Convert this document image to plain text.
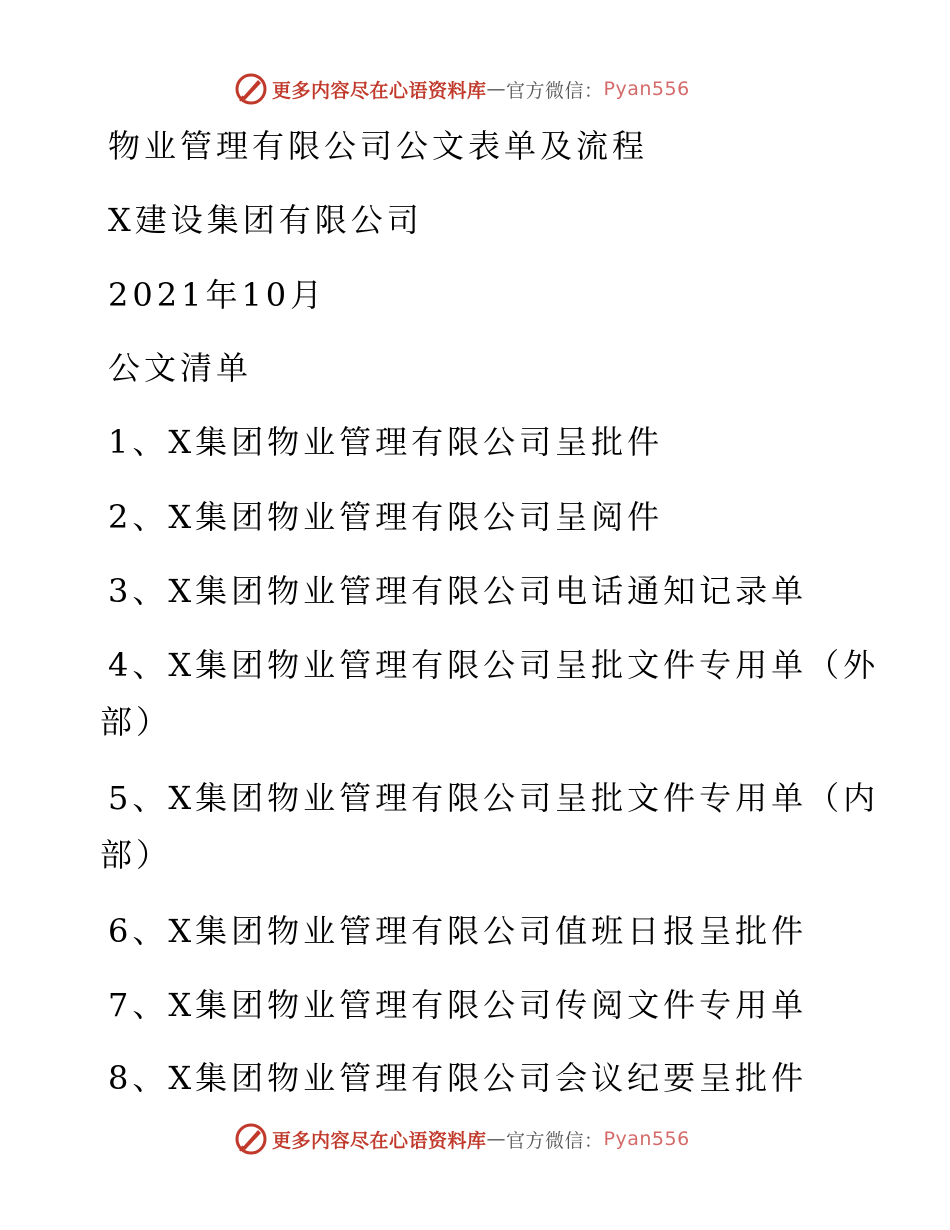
更多内容尽在心语资料库 — 官方微信： Pyan556
物业管理有限公司公文表单及流程
X建设集团有限公司
2021年10月
公文清单
1、X集团物业管理有限公司呈批件
2、X集团物业管理有限公司呈阅件
3、X集团物业管理有限公司电话通知记录单
4、X集团物业管理有限公司呈批文件专用单（外
部）
5、X集团物业管理有限公司呈批文件专用单（内
部）
6、X集团物业管理有限公司值班日报呈批件
7、X集团物业管理有限公司传阅文件专用单
8、X集团物业管理有限公司会议纪要呈批件
更多内容尽在心语资料库 — 官方微信： Pyan556
